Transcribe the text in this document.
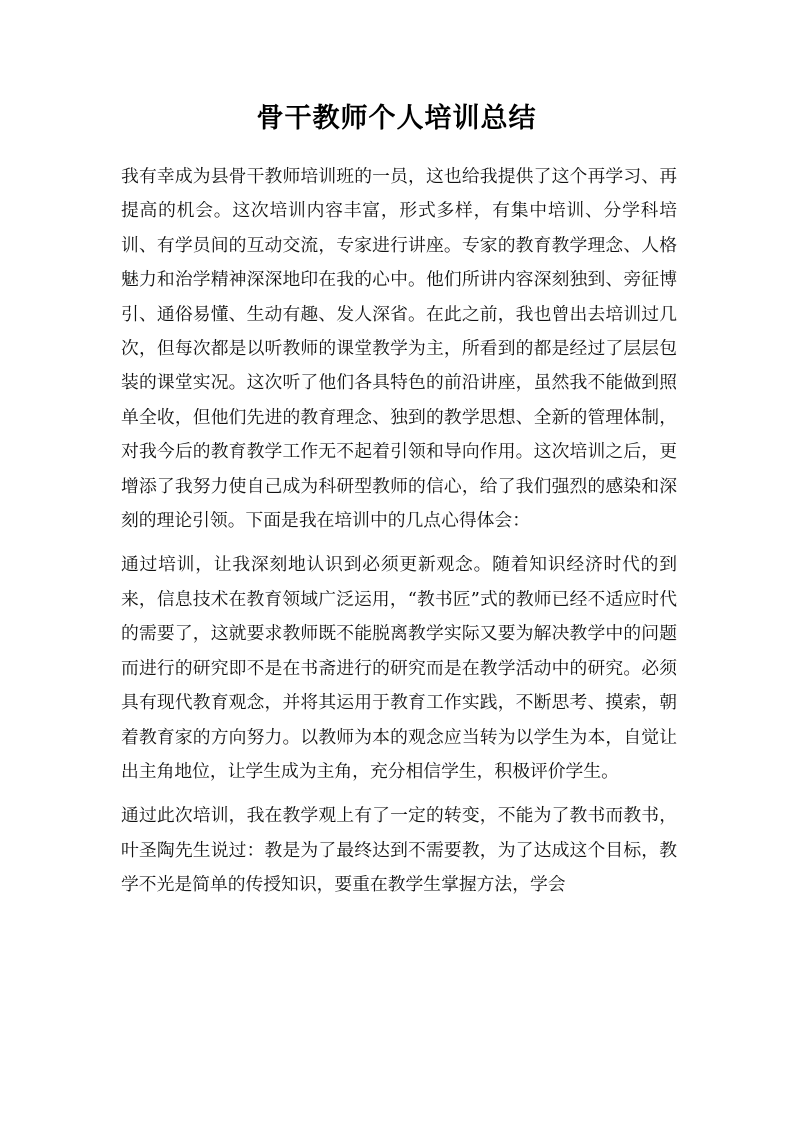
骨干教师个人培训总结

我有幸成为县骨干教师培训班的一员，这也给我提供了这个再学习、再提高的机会。这次培训内容丰富，形式多样，有集中培训、分学科培训、有学员间的互动交流，专家进行讲座。专家的教育教学理念、人格魅力和治学精神深深地印在我的心中。他们所讲内容深刻独到、旁征博引、通俗易懂、生动有趣、发人深省。在此之前，我也曾出去培训过几次，但每次都是以听教师的课堂教学为主，所看到的都是经过了层层包装的课堂实况。这次听了他们各具特色的前沿讲座，虽然我不能做到照单全收，但他们先进的教育理念、独到的教学思想、全新的管理体制，对我今后的教育教学工作无不起着引领和导向作用。这次培训之后，更增添了我努力使自己成为科研型教师的信心，给了我们强烈的感染和深刻的理论引领。下面是我在培训中的几点心得体会：

通过培训，让我深刻地认识到必须更新观念。随着知识经济时代的到来，信息技术在教育领域广泛运用，“教书匠”式的教师已经不适应时代的需要了，这就要求教师既不能脱离教学实际又要为解决教学中的问题而进行的研究即不是在书斋进行的研究而是在教学活动中的研究。必须具有现代教育观念，并将其运用于教育工作实践，不断思考、摸索，朝着教育家的方向努力。以教师为本的观念应当转为以学生为本，自觉让出主角地位，让学生成为主角，充分相信学生，积极评价学生。

通过此次培训，我在教学观上有了一定的转变，不能为了教书而教书，叶圣陶先生说过：教是为了最终达到不需要教，为了达成这个目标，教学不光是简单的传授知识，要重在教学生掌握方法，学会
